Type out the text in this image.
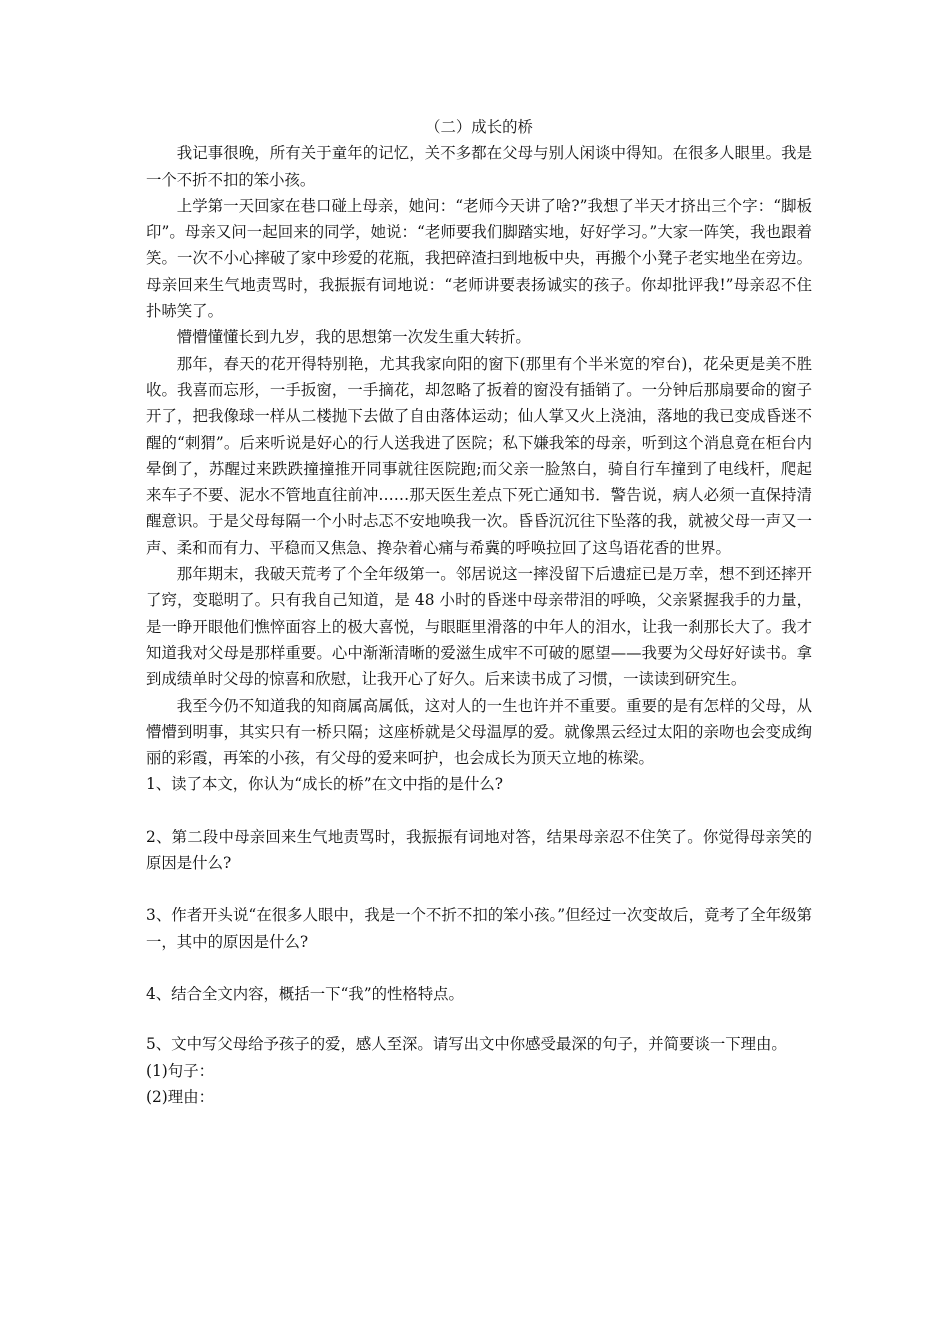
（二）成长的桥

我记事很晚，所有关于童年的记忆，关不多都在父母与别人闲谈中得知。在很多人眼里。我是一个不折不扣的笨小孩。

上学第一天回家在巷口碰上母亲，她问：“老师今天讲了啥?”我想了半天才挤出三个字：“脚板印”。母亲又问一起回来的同学，她说：“老师要我们脚踏实地，好好学习。”大家一阵笑，我也跟着笑。一次不小心摔破了家中珍爱的花瓶，我把碎渣扫到地板中央，再搬个小凳子老实地坐在旁边。母亲回来生气地责骂时，我振振有词地说：“老师讲要表扬诚实的孩子。你却批评我!”母亲忍不住扑哧笑了。

懵懵懂懂长到九岁，我的思想第一次发生重大转折。

那年，春天的花开得特别艳，尤其我家向阳的窗下(那里有个半米宽的窄台)，花朵更是美不胜收。我喜而忘形，一手扳窗，一手摘花，却忽略了扳着的窗没有插销了。一分钟后那扇要命的窗子开了，把我像球一样从二楼抛下去做了自由落体运动；仙人掌又火上浇油，落地的我已变成昏迷不醒的“刺猬”。后来听说是好心的行人送我进了医院；私下嫌我笨的母亲，听到这个消息竟在柜台内晕倒了，苏醒过来跌跌撞撞推开同事就往医院跑;而父亲一脸煞白，骑自行车撞到了电线杆，爬起来车子不要、泥水不管地直往前冲……那天医生差点下死亡通知书．警告说，病人必须一直保持清醒意识。于是父母每隔一个小时忐忑不安地唤我一次。昏昏沉沉往下坠落的我，就被父母一声又一声、柔和而有力、平稳而又焦急、搀杂着心痛与希冀的呼唤拉回了这鸟语花香的世界。

那年期末，我破天荒考了个全年级第一。邻居说这一摔没留下后遗症已是万幸，想不到还摔开了窍，变聪明了。只有我自己知道，是 48 小时的昏迷中母亲带泪的呼唤，父亲紧握我手的力量，是一睁开眼他们憔悴面容上的极大喜悦，与眼眶里滑落的中年人的泪水，让我一刹那长大了。我才知道我对父母是那样重要。心中渐渐清晰的爱滋生成牢不可破的愿望——我要为父母好好读书。拿到成绩单时父母的惊喜和欣慰，让我开心了好久。后来读书成了习惯，一读读到研究生。

我至今仍不知道我的知商属高属低，这对人的一生也许并不重要。重要的是有怎样的父母，从懵懵到明事，其实只有一桥只隔；这座桥就是父母温厚的爱。就像黑云经过太阳的亲吻也会变成绚丽的彩霞，再笨的小孩，有父母的爱来呵护，也会成长为顶天立地的栋梁。

1、读了本文，你认为“成长的桥”在文中指的是什么?

2、第二段中母亲回来生气地责骂时，我振振有词地对答，结果母亲忍不住笑了。你觉得母亲笑的原因是什么?

3、作者开头说“在很多人眼中，我是一个不折不扣的笨小孩。”但经过一次变故后，竟考了全年级第一，其中的原因是什么?

4、结合全文内容，概括一下“我”的性格特点。

5、文中写父母给予孩子的爱，感人至深。请写出文中你感受最深的句子，并简要谈一下理由。

(1)句子：

(2)理由：
